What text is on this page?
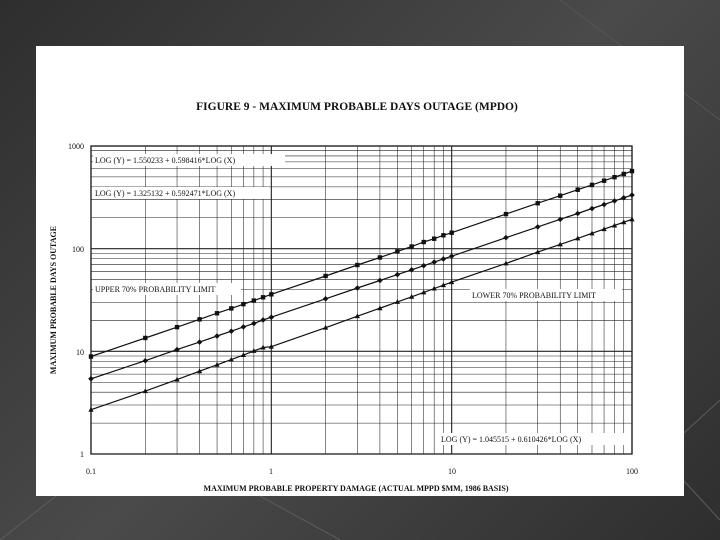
FIGURE 9 - MAXIMUM PROBABLE DAYS OUTAGE (MPDO)
1000
100
10
1
0.1	1	10	100
MAXIMUM PROBABLE PROPERTY DAMAGE (ACTUAL MPPD $MM, 1986 BASIS)
MAXIMUM PROBABLE DAYS OUTAGE
LOG (Y) = 1.550233 + 0.598416*LOG (X)
LOG (Y) = 1.325132 + 0.592471*LOG (X)
UPPER 70% PROBABILITY LIMIT
LOWER 70% PROBABILITY LIMIT
LOG (Y) = 1.045515 + 0.610426*LOG (X)
